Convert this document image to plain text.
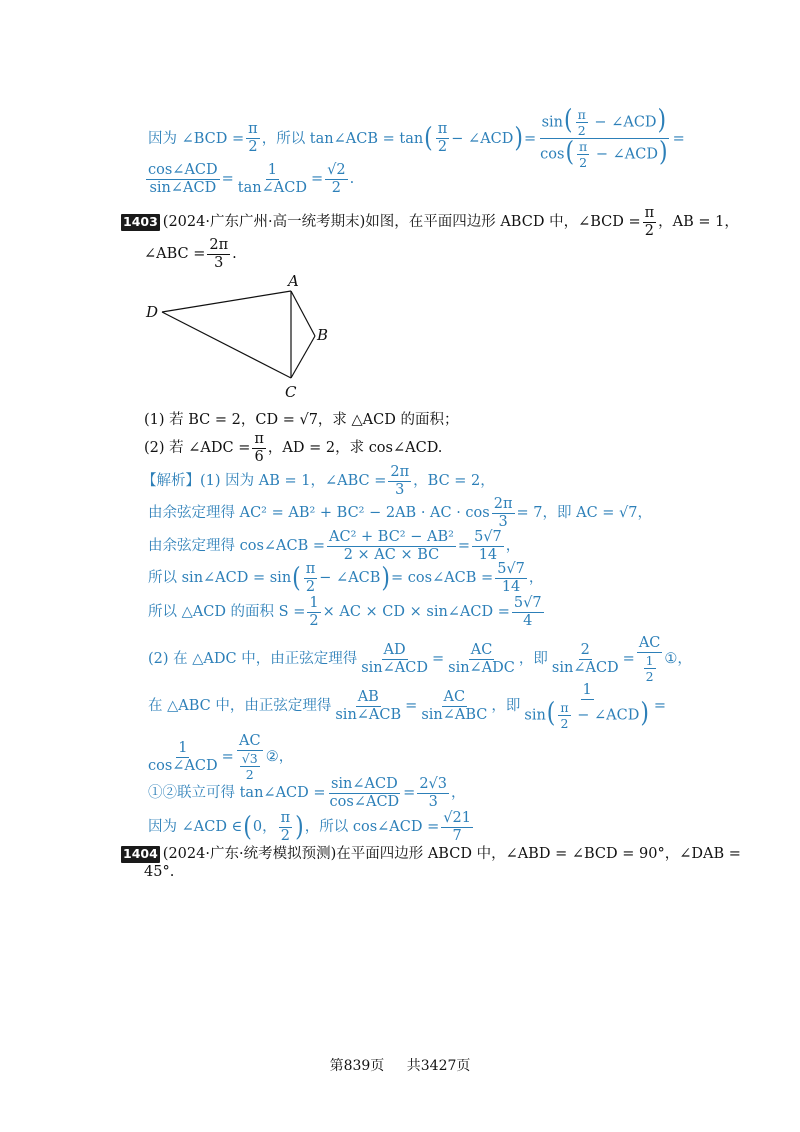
因为 ∠BCD = $\frac{\pi}{2}$ ，所以 tan∠ACB = tan ( $\frac{\pi}{2}$ − ∠ACD ) = $\frac{\sin( \frac{\pi}{2} - \angle ACD)}{\cos( \frac{\pi}{2} - \angle ACD)}$ =
$\frac{\text{cos∠ACD}}{\text{sin∠ACD}} = \frac{1}{\text{tan∠ACD}} = \frac{√2}{2}$ .
1403 (2024·广东广州·高一统考期末)如图，在平面四边形 ABCD 中，∠BCD = $\frac{\pi}{2}$ ，AB = 1，
∠ABC = $\frac{2\pi}{3}$ .
A
B
C
D
(1) 若 BC = 2，CD = √7，求 △ACD 的面积；
(2) 若 ∠ADC = $\frac{\pi}{6}$ ，AD = 2，求 cos∠ACD.
【解析】 (1) 因为 AB = 1，∠ABC = $\frac{2\pi}{3}$ ，BC = 2，
由余弦定理得 AC² = AB² + BC² − 2AB · AC · $\cos \frac{2\pi}{3} = 7$，即 AC = √7，
由余弦定理得 cos∠ACB = $\frac{\text{AC² + BC² − AB²}}{2 \times AC \times BC} = \frac{5√7}{14}$ ，
所以 sin∠ACD = sin ( $\frac{\pi}{2}$ − ∠ACB ) = cos∠ACB = $\frac{5√7}{14}$ ，
所以 △ACD 的面积 $S = \frac{1}{2}$ × AC × CD × sin∠ACD = $\frac{5√7}{4}$
(2) 在 △ADC 中，由正弦定理得 $\frac{AD}{\text{sin∠ACD}} = \frac{AC}{\text{sin∠ADC}}$ ，即 $\frac{2}{\text{sin∠ACD}} = \frac{AC}{\frac{1}{2}}$ ①，
在 △ABC 中，由正弦定理得 $\frac{AB}{\text{sin∠ACB}} = \frac{AC}{\text{sin∠ABC}}$ ，即 $\frac{1}{\sin( \frac{\pi}{2} - \angle ACD)}$ =
$\frac{1}{\text{cos∠ACD}} = \frac{AC}{\frac{√3}{2}}$ ②，
①②联立可得 tan∠ACD = $\frac{\text{sin∠ACD}}{\text{cos∠ACD}} = \frac{2√3}{3}$ ，
因为 ∠ACD ∈ ( 0， $\frac{\pi}{2}$ ) ，所以 cos∠ACD = $\frac{√21}{7}$
1404 (2024·广东·统考模拟预测)在平面四边形 ABCD 中，∠ABD = ∠BCD = 90°，∠DAB =
45°.
第839页 共3427页
